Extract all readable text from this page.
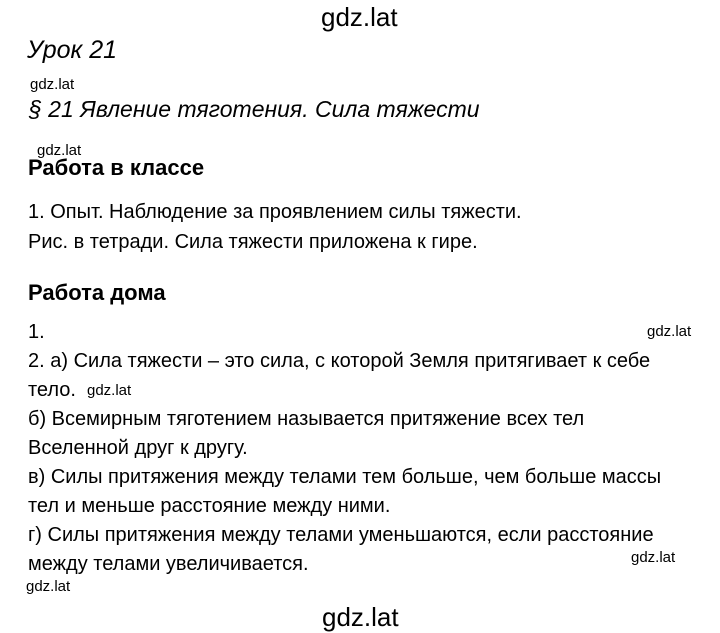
gdz.lat
gdz.lat
gdz.lat
gdz.lat
gdz.lat
gdz.lat
gdz.lat
gdz.lat
Урок 21
§ 21 Явление тяготения. Сила тяжести
Работа в классе
1. Опыт. Наблюдение за проявлением силы тяжести.
Рис. в тетради. Сила тяжести приложена к гире.
Работа дома
1.
2. а) Сила тяжести – это сила, с которой Земля притягивает к себе
тело.
б) Всемирным тяготением называется притяжение всех тел
Вселенной друг к другу.
в) Силы притяжения между телами тем больше, чем больше массы
тел и меньше расстояние между ними.
г) Силы притяжения между телами уменьшаются, если расстояние
между телами увеличивается.
